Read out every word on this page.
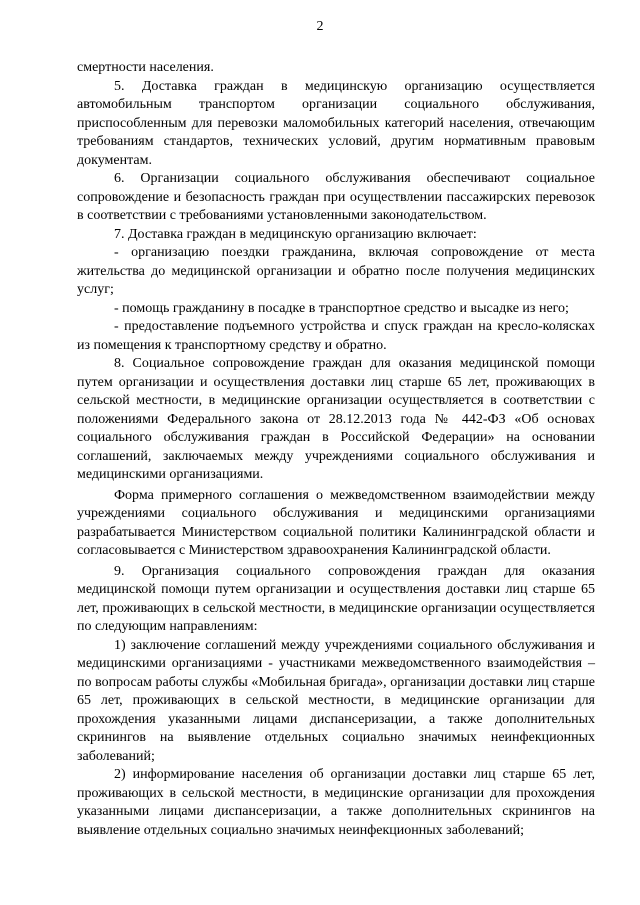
2

смертности населения.

5. Доставка граждан в медицинскую организацию осуществляется автомобильным транспортом организации социального обслуживания, приспособленным для перевозки маломобильных категорий населения, отвечающим требованиям стандартов, технических условий, другим нормативным правовым документам.

6. Организации социального обслуживания обеспечивают социальное сопровождение и безопасность граждан при осуществлении пассажирских перевозок в соответствии с требованиями установленными законодательством.

7. Доставка граждан в медицинскую организацию включает:

- организацию поездки гражданина, включая сопровождение от места жительства до медицинской организации и обратно после получения медицинских услуг;

- помощь гражданину в посадке в транспортное средство и высадке из него;

- предоставление подъемного устройства и спуск граждан на кресло-колясках из помещения к транспортному средству и обратно.

8. Социальное сопровождение граждан для оказания медицинской помощи путем организации и осуществления доставки лиц старше 65 лет, проживающих в сельской местности, в медицинские организации осуществляется в соответствии с положениями Федерального закона от 28.12.2013 года № 442-ФЗ «Об основах социального обслуживания граждан в Российской Федерации» на основании соглашений, заключаемых между учреждениями социального обслуживания и медицинскими организациями.

Форма примерного соглашения о межведомственном взаимодействии между учреждениями социального обслуживания и медицинскими организациями разрабатывается Министерством социальной политики Калининградской области и согласовывается с Министерством здравоохранения Калининградской области.

9. Организация социального сопровождения граждан для оказания медицинской помощи путем организации и осуществления доставки лиц старше 65 лет, проживающих в сельской местности, в медицинские организации осуществляется по следующим направлениям:

1) заключение соглашений между учреждениями социального обслуживания и медицинскими организациями - участниками межведомственного взаимодействия – по вопросам работы службы «Мобильная бригада», организации доставки лиц старше 65 лет, проживающих в сельской местности, в медицинские организации для прохождения указанными лицами диспансеризации, а также дополнительных скринингов на выявление отдельных социально значимых неинфекционных заболеваний;

2) информирование населения об организации доставки лиц старше 65 лет, проживающих в сельской местности, в медицинские организации для прохождения указанными лицами диспансеризации, а также дополнительных скринингов на выявление отдельных социально значимых неинфекционных заболеваний;
